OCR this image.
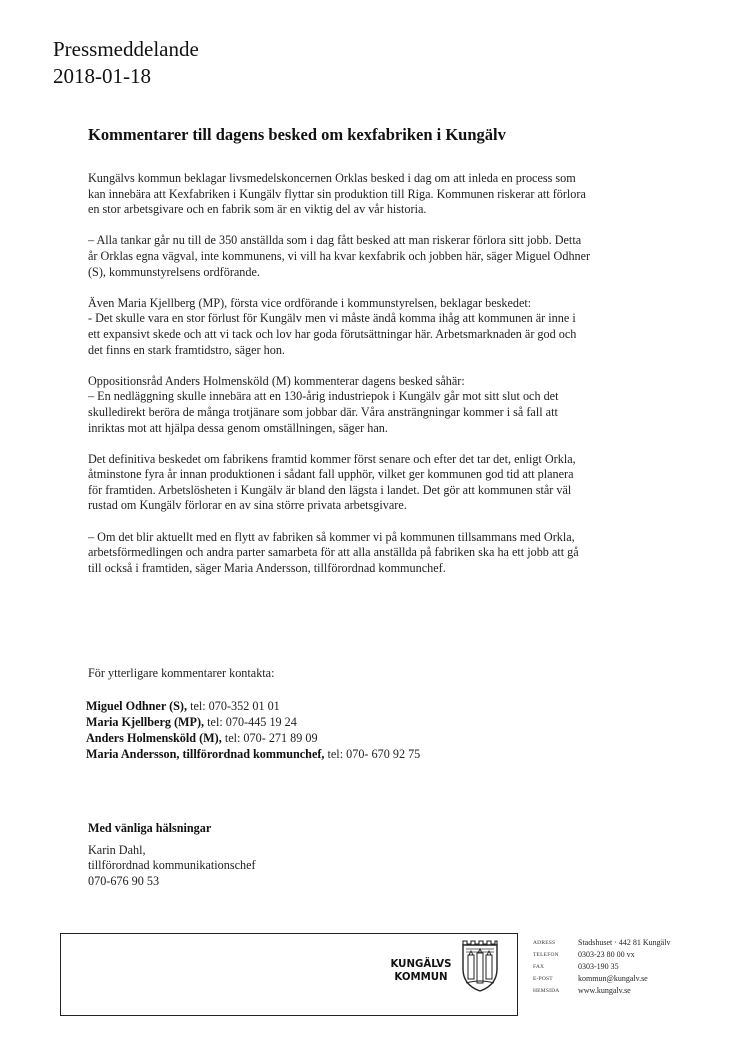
Pressmeddelande
2018-01-18
Kommentarer till dagens besked om kexfabriken i Kungälv

Kungälvs kommun beklagar livsmedelskoncernen Orklas besked i dag om att inleda en process som
kan innebära att Kexfabriken i Kungälv flyttar sin produktion till Riga. Kommunen riskerar att förlora
en stor arbetsgivare och en fabrik som är en viktig del av vår historia.

– Alla tankar går nu till de 350 anställda som i dag fått besked att man riskerar förlora sitt jobb. Detta
år Orklas egna vägval, inte kommunens, vi vill ha kvar kexfabrik och jobben här, säger Miguel Odhner
(S), kommunstyrelsens ordförande.

Även Maria Kjellberg (MP), första vice ordförande i kommunstyrelsen, beklagar beskedet:
- Det skulle vara en stor förlust för Kungälv men vi måste ändå komma ihåg att kommunen är inne i
ett expansivt skede och att vi tack och lov har goda förutsättningar här. Arbetsmarknaden är god och
det finns en stark framtidstro, säger hon.

Oppositionsråd Anders Holmensköld (M) kommenterar dagens besked såhär:
– En nedläggning skulle innebära att en 130-årig industriepok i Kungälv går mot sitt slut och det
skulledirekt beröra de många trotjänare som jobbar där. Våra ansträngningar kommer i så fall att
inriktas mot att hjälpa dessa genom omställningen, säger han.

Det definitiva beskedet om fabrikens framtid kommer först senare och efter det tar det, enligt Orkla,
åtminstone fyra år innan produktionen i sådant fall upphör, vilket ger kommunen god tid att planera
för framtiden. Arbetslösheten i Kungälv är bland den lägsta i landet. Det gör att kommunen står väl
rustad om Kungälv förlorar en av sina större privata arbetsgivare.

– Om det blir aktuellt med en flytt av fabriken så kommer vi på kommunen tillsammans med Orkla,
arbetsförmedlingen och andra parter samarbeta för att alla anställda på fabriken ska ha ett jobb att gå
till också i framtiden, säger Maria Andersson, tillförordnad kommunchef.

För ytterligare kommentarer kontakta:
Miguel Odhner (S), tel: 070-352 01 01
Maria Kjellberg (MP), tel: 070-445 19 24
Anders Holmensköld (M), tel: 070- 271 89 09
Maria Andersson, tillförordnad kommunchef, tel: 070- 670 92 75
Med vänliga hälsningar
Karin Dahl,
tillförordnad kommunikationschef
070-676 90 53
KUNGÄLVS
KOMMUN
ADRESS	Stadshuset · 442 81 Kungälv
TELEFON	0303-23 80 00 vx
FAX	0303-190 35
E-POST	kommun@kungalv.se
HEMSIDA	www.kungalv.se
